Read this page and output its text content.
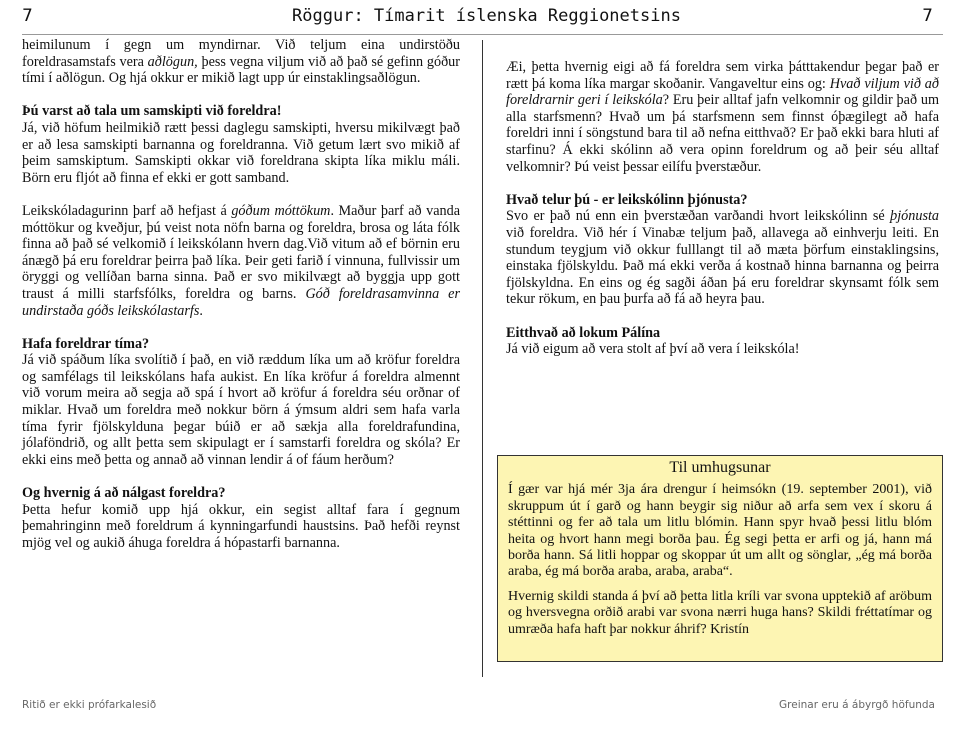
7	Röggur: Tímarit íslenska Reggionetsins	7

heimilunum í gegn um myndirnar. Við teljum eina undirstöðu foreldrasamstafs vera aðlögun, þess vegna viljum við að það sé gefinn góður tími í aðlögun. Og hjá okkur er mikið lagt upp úr einstaklingsaðlögun.

Þú varst að tala um samskipti við foreldra!

Já, við höfum heilmikið rætt þessi daglegu samskipti, hversu mikilvægt það er að lesa samskipti barnanna og foreldranna. Við getum lært svo mikið af þeim samskiptum. Samskipti okkar við foreldrana skipta líka miklu máli. Börn eru fljót að finna ef ekki er gott samband.

Leikskóladagurinn þarf að hefjast á góðum móttökum. Maður þarf að vanda móttökur og kveðjur, þú veist nota nöfn barna og foreldra, brosa og láta fólk finna að það sé velkomið í leikskólann hvern dag.Við vitum að ef börnin eru ánægð þá eru foreldrar þeirra það líka. Þeir geti farið í vinnuna, fullvissir um öryggi og vellíðan barna sinna. Það er svo mikilvægt að byggja upp gott traust á milli starfsfólks, foreldra og barns. Góð foreldrasamvinna er undirstaða góðs leikskólastarfs.

Hafa foreldrar tíma?

Já við spáðum líka svolítið í það, en við ræddum líka um að kröfur foreldra og samfélags til leikskólans hafa aukist. En líka kröfur á foreldra almennt við vorum meira að segja að spá í hvort að kröfur á foreldra séu orðnar of miklar. Hvað um foreldra með nokkur börn á ýmsum aldri sem hafa varla tíma fyrir fjölskylduna þegar búið er að sækja alla foreldrafundina, jólaföndrið, og allt þetta sem skipulagt er í samstarfi foreldra og skóla? Er ekki eins með þetta og annað að vinnan lendir á of fáum herðum?

Og hvernig á að nálgast foreldra?

Þetta hefur komið upp hjá okkur, ein segist alltaf fara í gegnum þemahringinn með foreldrum á kynningarfundi haustsins. Það hefði reynst mjög vel og aukið áhuga foreldra á hópastarfi barnanna.

Æi, þetta hvernig eigi að fá foreldra sem virka þátttakendur þegar það er rætt þá koma líka margar skoðanir. Vangaveltur eins og: Hvað viljum við að foreldrarnir geri í leikskóla? Eru þeir alltaf jafn velkomnir og gildir það um alla starfsmenn? Hvað um þá starfsmenn sem finnst óþægilegt að hafa foreldri inni í söngstund bara til að nefna eitthvað? Er það ekki bara hluti af starfinu? Á ekki skólinn að vera opinn foreldrum og að þeir séu alltaf velkomnir? Þú veist þessar eilífu þverstæður.

Hvað telur þú - er leikskólinn þjónusta?

Svo er það nú enn ein þverstæðan varðandi hvort leikskólinn sé þjónusta við foreldra. Við hér í Vinabæ teljum það, allavega að einhverju leiti. En stundum teygjum við okkur fulllangt til að mæta þörfum einstaklingsins, einstaka fjölskyldu. Það má ekki verða á kostnað hinna barnanna og þeirra fjölskyldna. En eins og ég sagði áðan þá eru foreldrar skynsamt fólk sem tekur rökum, en þau þurfa að fá að heyra þau.

Eitthvað að lokum Pálína

Já við eigum að vera stolt af því að vera í leikskóla!

Til umhugsunar

Í gær var hjá mér 3ja ára drengur í heimsókn (19. september 2001), við skruppum út í garð og hann beygir sig niður að arfa sem vex í skoru á stéttinni og fer að tala um litlu blómin. Hann spyr hvað þessi litlu blóm heita og hvort hann megi borða þau. Ég segi þetta er arfi og já, hann má borða hann. Sá litli hoppar og skoppar út um allt og sönglar, „ég má borða araba, ég má borða araba, araba, araba“.

Hvernig skildi standa á því að þetta litla kríli var svona upptekið af aröbum og hversvegna orðið arabi var svona nærri huga hans? Skildi fréttatímar og umræða hafa haft þar nokkur áhrif? Kristín

Ritið er ekki prófarkalesið	Greinar eru á ábyrgð höfunda
